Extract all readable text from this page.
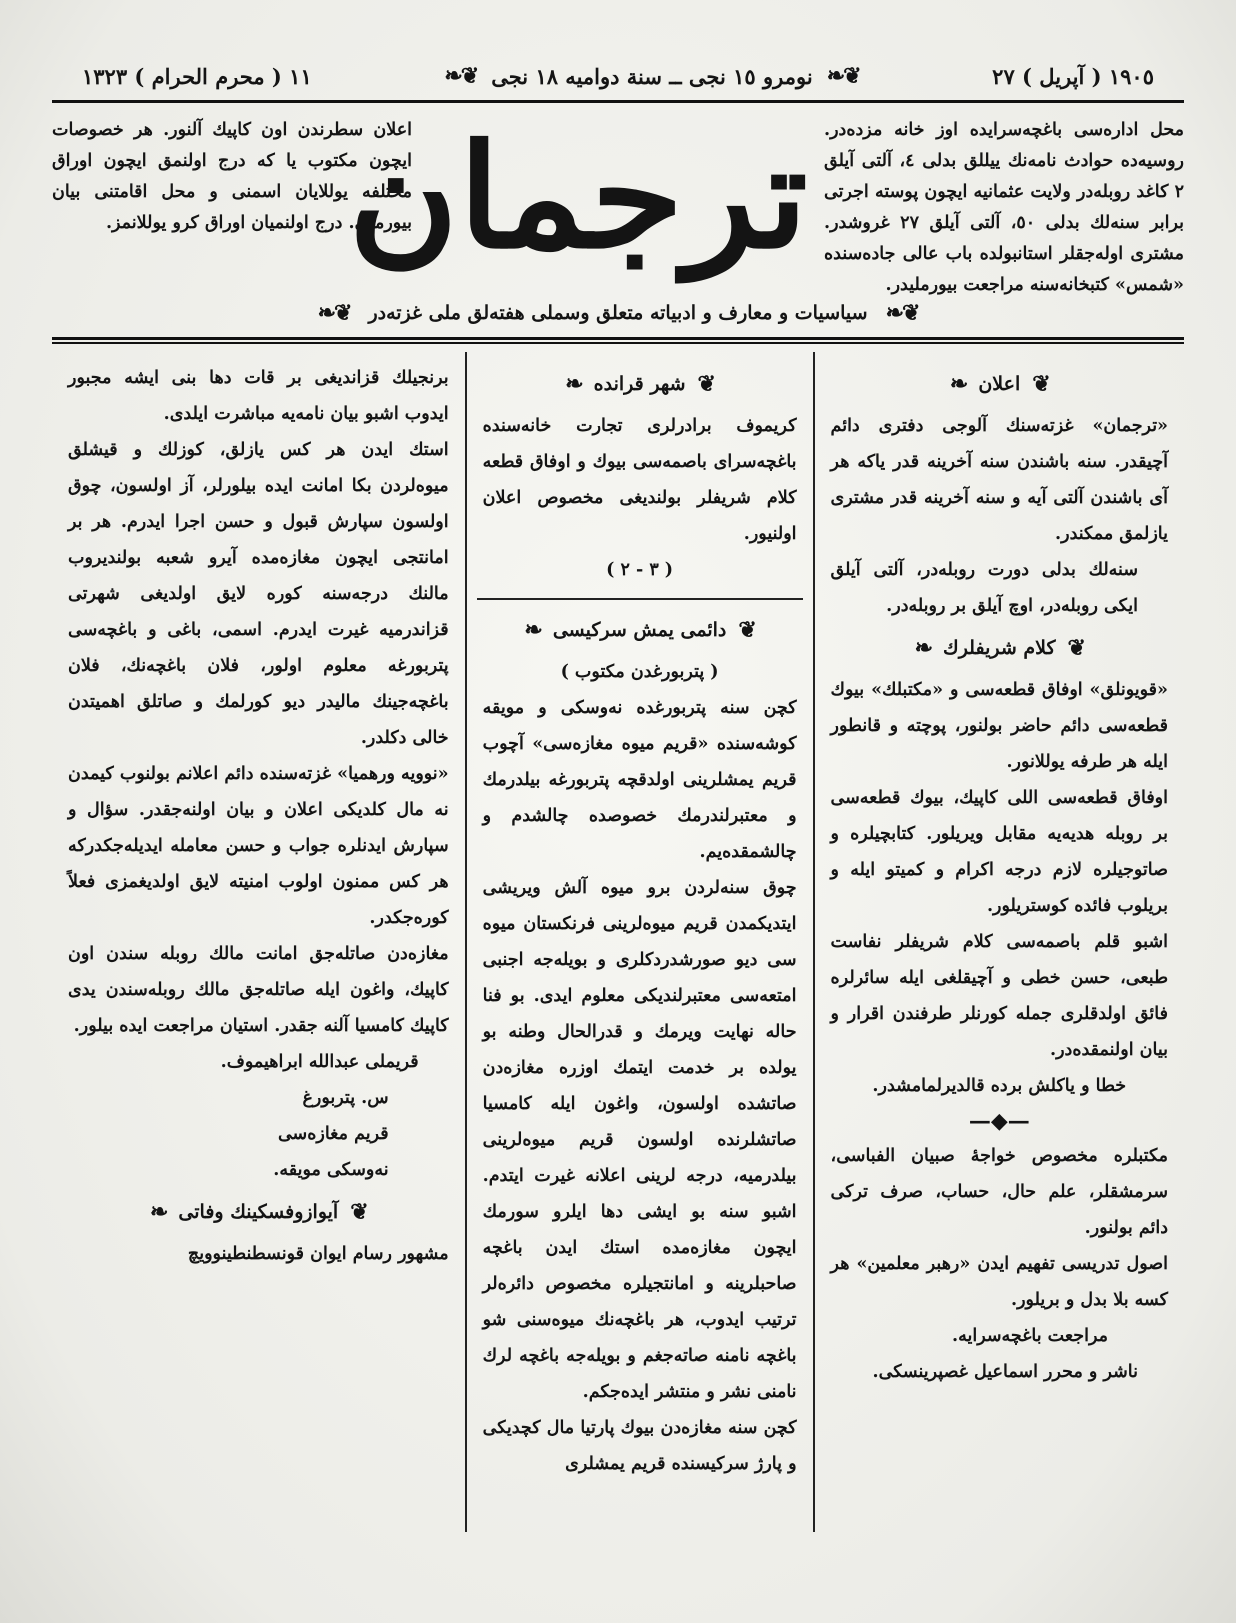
١٩٠٥ ( آپريل ) ٢٧
❦❧
نومرو ١٥ نجی ــ سنة دوامیه ١٨ نجی
❦❧
١١ ( محرم الحرام ) ١٣٢٣
محل اداره‌سی باغچه‌سرایده اوز خانه مزده‌در. روسیه‌ده حوادث نامه‌نك ییللق بدلی ٤، آلتی آیلق ٢ كاغد روبله‌در ولایت عثمانیه ایچون پوسته اجرتی برابر سنه‌لك بدلی ٥٠، آلتی آیلق ٢٧ غروشدر. مشتری اوله‌جقلر استانبولده باب عالی جاده‌سنده «شمس» كتبخانه‌سنه مراجعت بیورملیدر.
ترجمان
اعلان سطرندن اون كاپیك آلنور. هر خصوصات ایچون مكتوب یا كه درج اولنمق ایچون اوراق مختلفه یوللایان اسمنی و محل اقامتنی بیان بیورملی. درج اولنمیان اوراق كرو یوللانمز.
❦❧
سیاسیات و معارف و ادبیاته متعلق وسملی هفته‌لق ملی غزته‌در
❦❧
❦
اعلان
❧

«ترجمان» غزته‌سنك آلوجی دفتری دائم آچیقدر. سنه باشندن سنه آخرینه قدر یاكه هر آی باشندن آلتی آیه و سنه آخرینه قدر مشتری یازلمق ممكندر.

سنه‌لك بدلی دورت روبله‌در، آلتی آیلق ایكی روبله‌در، اوچ آیلق بر روبله‌در.

❦
كلام شریفلرك
❧

«قویونلق» اوفاق قطعه‌سی و «مكتبلك» بیوك قطعه‌سی دائم حاضر بولنور، پوچته و قانطور ایله هر طرفه یوللانور.

اوفاق قطعه‌سی اللی كاپیك، بیوك قطعه‌سی بر روبله هدیه‌یه مقابل ویریلور. كتابچیلره و صاتوجیلره لازم درجه اكرام و كمیتو ایله و بریلوب فائده كوستریلور.

اشبو قلم باصمه‌سی كلام شریفلر نفاست طبعی، حسن خطی و آچیقلغی ایله سائرلره فائق اولدقلری جمله كورنلر طرفندن اقرار و بیان اولنمقده‌در.

خطا و یاكلش برده قالدیرلمامشدر.

—◆—

مكتبلره مخصوص خواجهٔ صبیان الفباسی، سرمشقلر، علم حال، حساب، صرف تركی دائم بولنور.

اصول تدریسی تفهیم ایدن «رهبر معلمین» هر كسه بلا بدل و بریلور.

مراجعت باغچه‌سرایه.

ناشر و محرر اسماعیل غصپرینسكی.

❦
شهر قرانده
❧

كریموف برادرلری تجارت خانه‌سنده باغچه‌سرای باصمه‌سی بیوك و اوفاق قطعه كلام شریفلر بولندیغی مخصوص اعلان اولنیور.

( ٣ - ٢ )

❦
دائمی یمش سركیسی
❧

( پتربورغدن مكتوب )

كچن سنه پتربورغده نەوسكی و مویقه كوشه‌سنده «قریم میوه مغازه‌سی» آچوب قریم یمشلرینی اولدقچه پتربورغه بیلدرمك و معتبرلندرمك خصوصده چالشدم و چالشمقده‌یم.

چوق سنه‌لردن برو میوه آلش ویریشی ایتدیكمدن قریم میوه‌لرینی فرنكستان میوه سی دیو صورشدردكلری و بویله‌جه اجنبی امتعه‌سی معتبرلندیكی معلوم ایدی. بو فنا حاله نهایت ویرمك و قدرالحال وطنه بو یولده بر خدمت ایتمك اوزره مغازه‌دن صاتشده اولسون، واغون ایله كامسیا صاتشلرنده اولسون قریم میوه‌لرینی بیلدرمیه، درجه لرینی اعلانه غیرت ایتدم. اشبو سنه بو ایشی دها ایلرو سورمك ایچون مغازه‌مده استك ایدن باغچه صاحبلرینه و امانتجیلره مخصوص دائره‌لر ترتیب ایدوب، هر باغچه‌نك میوه‌سنی شو باغچه نامنه صاته‌جغم و بویله‌جه باغچه لرك نامنی نشر و منتشر ایده‌جكم.

كچن سنه مغازه‌دن بیوك پارتیا مال كچدیكی و پارژ سركیسنده قریم یمشلری

برنجیلك قزاندیغی بر قات دها بنی ایشه مجبور ایدوب اشبو بیان نامه‌یه مباشرت ایلدی.

استك ایدن هر كس یازلق، كوزلك و قیشلق میوه‌لردن بكا امانت ایده بیلورلر، آز اولسون، چوق اولسون سپارش قبول و حسن اجرا ایدرم. هر بر امانتجی ایچون مغازه‌مده آیرو شعبه بولندیروب مالنك درجه‌سنه كوره لایق اولدیغی شهرتی قزاندرمیه غیرت ایدرم. اسمی، باغی و باغچه‌سی پتربورغه معلوم اولور، فلان باغچه‌نك، فلان باغچه‌جینك مالیدر دیو كورلمك و صاتلق اهمیتدن خالی دكلدر.

«نوویه ورهمیا» غزته‌سنده دائم اعلانم بولنوب كیمدن نه مال كلدیكی اعلان و بیان اولنه‌جقدر. سؤال و سپارش ایدنلره جواب و حسن معامله ایدیله‌جكدركه هر كس ممنون اولوب امنیته لایق اولدیغمزی فعلاً كوره‌جكدر.

مغازه‌دن صاتله‌جق امانت مالك روبله سندن اون كاپیك، واغون ایله صاتله‌جق مالك روبله‌سندن یدی كاپیك كامسیا آلنه جقدر. استیان مراجعت ایده بیلور.

قریملی عبدالله ابراهیموف.

س. پتربورغ

قریم مغازه‌سی

نەوسكی مویقه.

❦
آیوازوفسكینك وفاتی
❧

مشهور رسام ایوان قونسطنطینوویچ
